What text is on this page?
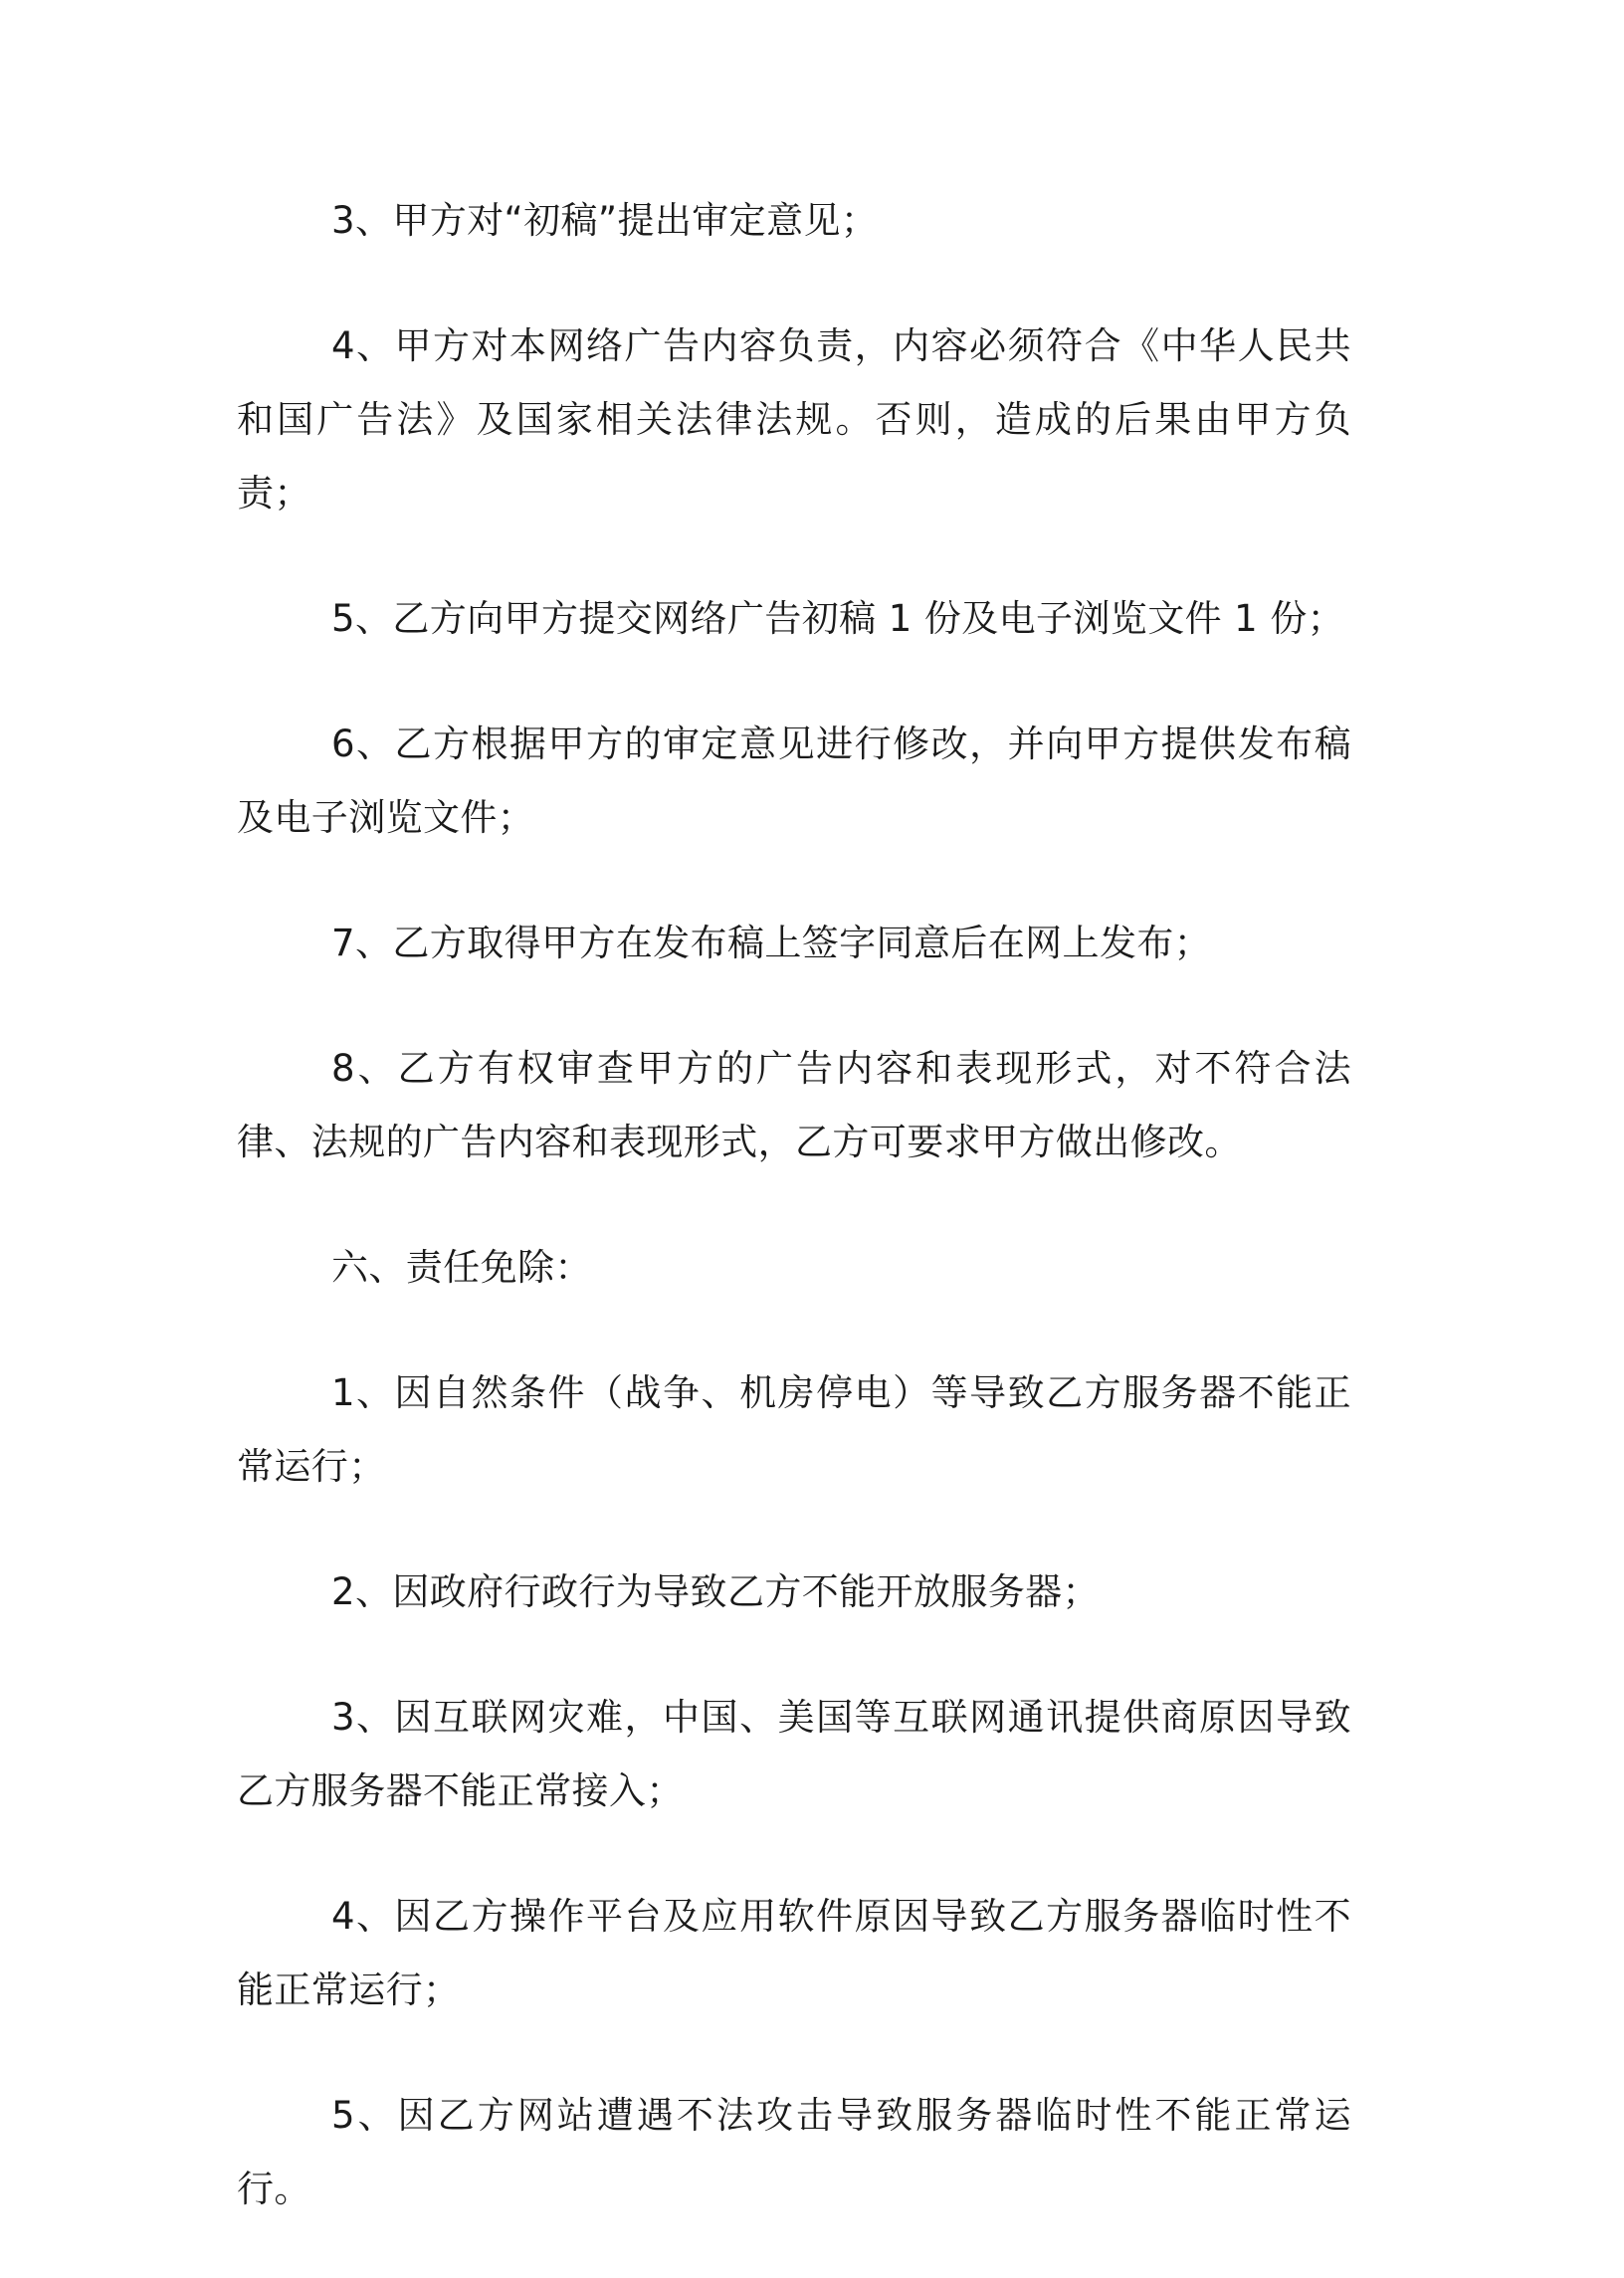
3、甲方对“初稿”提出审定意见；

4、甲方对本网络广告内容负责，内容必须符合《中华人民共和国广告法》及国家相关法律法规。否则，造成的后果由甲方负责；

5、乙方向甲方提交网络广告初稿 1 份及电子浏览文件 1 份；

6、乙方根据甲方的审定意见进行修改，并向甲方提供发布稿及电子浏览文件；

7、乙方取得甲方在发布稿上签字同意后在网上发布；

8、乙方有权审查甲方的广告内容和表现形式，对不符合法律、法规的广告内容和表现形式，乙方可要求甲方做出修改。

六、责任免除：

1、因自然条件（战争、机房停电）等导致乙方服务器不能正常运行；

2、因政府行政行为导致乙方不能开放服务器；

3、因互联网灾难，中国、美国等互联网通讯提供商原因导致乙方服务器不能正常接入；

4、因乙方操作平台及应用软件原因导致乙方服务器临时性不能正常运行；

5、因乙方网站遭遇不法攻击导致服务器临时性不能正常运行。
